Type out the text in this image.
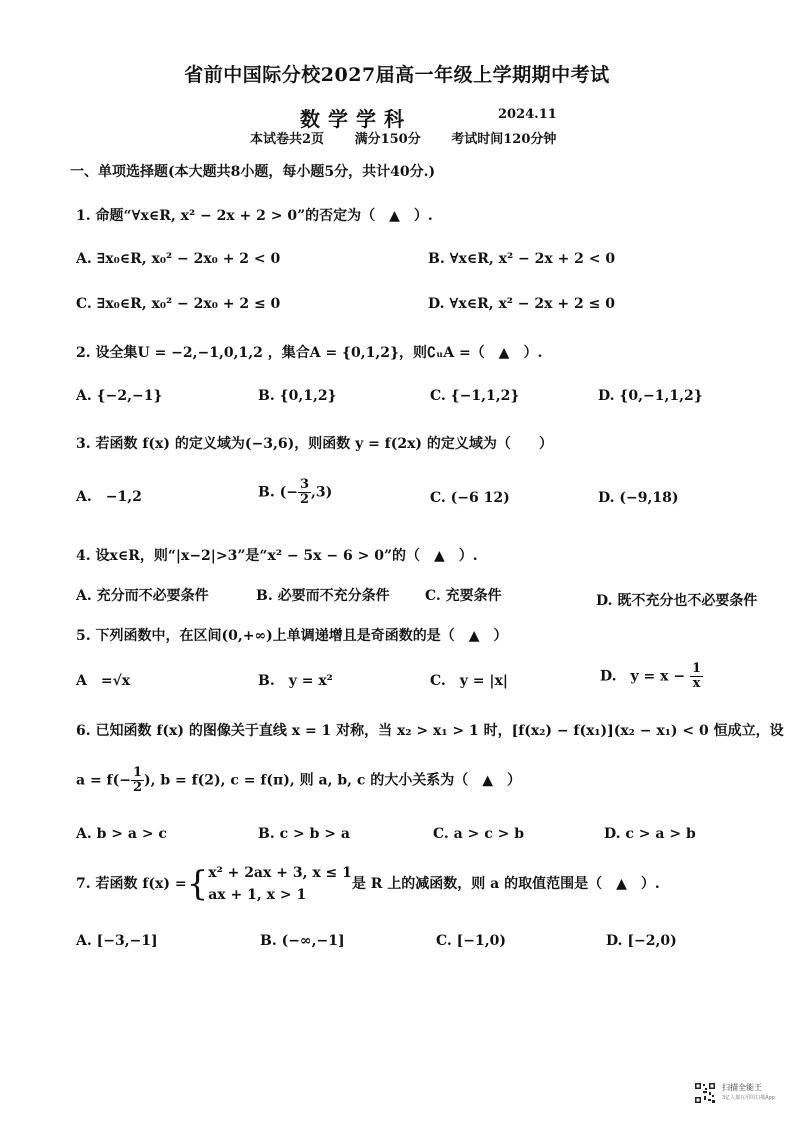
省前中国际分校2027届高一年级上学期期中考试
数学学科	2024.11
本试卷共2页 满分150分 考试时间120分钟
一、单项选择题(本大题共8小题，每小题5分，共计40分.)
1. 命题“∀x∈R, x² − 2x + 2 > 0”的否定为（　▲　）.
A. ∃x₀∈R, x₀² − 2x₀ + 2 < 0	B. ∀x∈R, x² − 2x + 2 < 0
C. ∃x₀∈R, x₀² − 2x₀ + 2 ≤ 0	D. ∀x∈R, x² − 2x + 2 ≤ 0
2. 设全集U = −2,−1,0,1,2 ，集合A = {0,1,2}，则∁ᵤA =（　▲　）.
A. {−2,−1}	B. {0,1,2}	C. {−1,1,2}	D. {0,−1,1,2}
3. 若函数 f(x) 的定义域为(−3,6)，则函数 y = f(2x) 的定义域为（　　）
A.　−1,2	B. (− $\frac{3}{2} ,3$)	C. (−6 12)	D. (−9,18)
4. 设x∈R，则“|x−2|>3”是“x² − 5x − 6 > 0”的（　▲　）.
A. 充分而不必要条件	B. 必要而不充分条件	C. 充要条件	D. 既不充分也不必要条件
5. 下列函数中，在区间(0,+∞)上单调递增且是奇函数的是（　▲　）
A　=√x	B.　y = x²	C.　y = |x|	D.　$y = x - \frac{1}{x}$
6. 已知函数 f(x) 的图像关于直线 x = 1 对称，当 x₂ > x₁ > 1 时，[f(x₂) − f(x₁)](x₂ − x₁) < 0 恒成立，设
$a = f(- \frac{1}{2}$ ), b = f(2), c = f(π), 则 a, b, c 的大小关系为（　▲　）
A. b > a > c	B. c > b > a	C. a > c > b	D. c > a > b
7. 若函数 f(x) ={ x² + 2ax + 3, x ≤ 1
ax + 1, x > 1
是 R 上的减函数，则 a 的取值范围是（　▲　）.
A. [−3,−1]	B. (−∞,−1]	C. [−1,0)	D. [−2,0)
扫描全能王
3亿人都在用的扫描App
